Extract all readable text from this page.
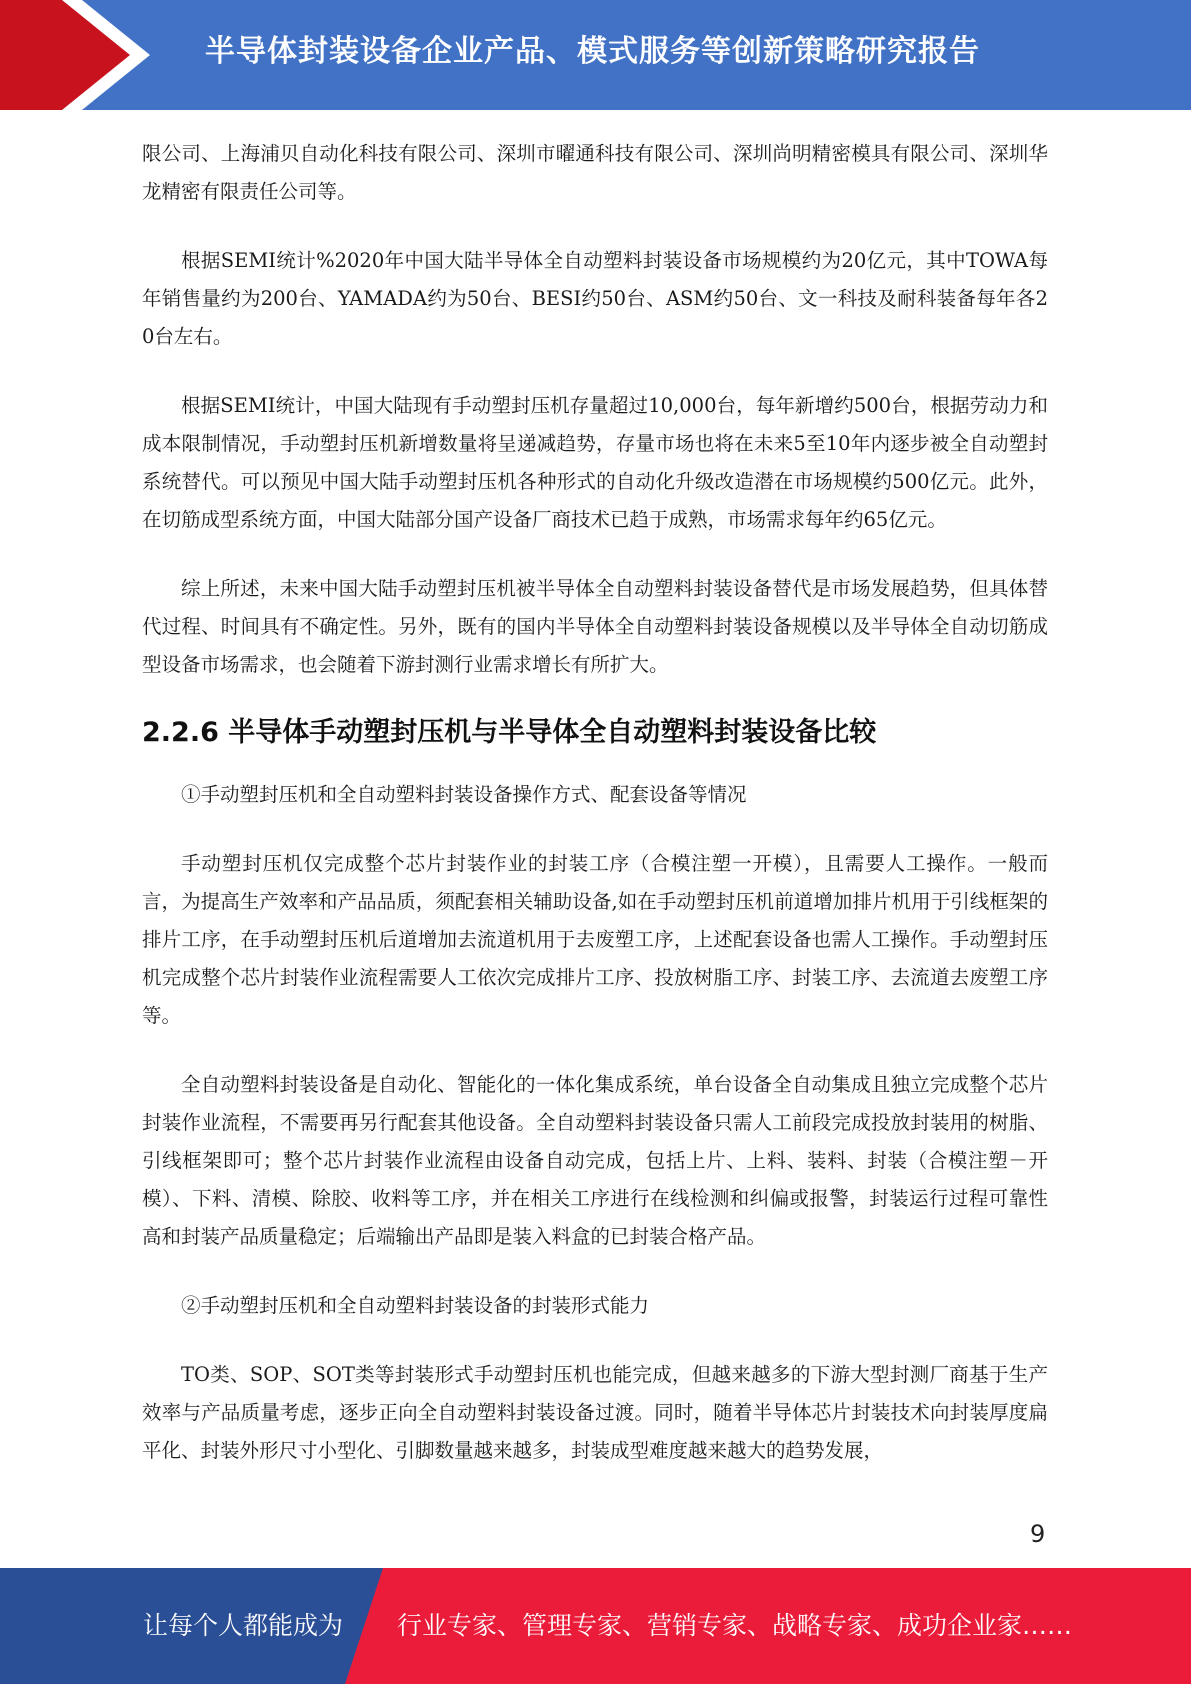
半导体封装设备企业产品、模式服务等创新策略研究报告

限公司、上海浦贝自动化科技有限公司、深圳市曜通科技有限公司、深圳尚明精密模具有限公司、深圳华龙精密有限责任公司等。

根据SEMI统计%2020年中国大陆半导体全自动塑料封装设备市场规模约为20亿元，其中TOWA每年销售量约为200台、YAMADA约为50台、BESI约50台、ASM约50台、文一科技及耐科装备每年各20台左右。

根据SEMI统计，中国大陆现有手动塑封压机存量超过10,000台，每年新增约500台，根据劳动力和成本限制情况，手动塑封压机新增数量将呈递减趋势，存量市场也将在未来5至10年内逐步被全自动塑封系统替代。可以预见中国大陆手动塑封压机各种形式的自动化升级改造潜在市场规模约500亿元。此外，在切筋成型系统方面，中国大陆部分国产设备厂商技术已趋于成熟，市场需求每年约65亿元。

综上所述，未来中国大陆手动塑封压机被半导体全自动塑料封装设备替代是市场发展趋势，但具体替代过程、时间具有不确定性。另外，既有的国内半导体全自动塑料封装设备规模以及半导体全自动切筋成型设备市场需求，也会随着下游封测行业需求增长有所扩大。

2.2.6 半导体手动塑封压机与半导体全自动塑料封装设备比较

①手动塑封压机和全自动塑料封装设备操作方式、配套设备等情况

手动塑封压机仅完成整个芯片封装作业的封装工序（合模注塑一开模），且需要人工操作。一般而言，为提高生产效率和产品品质，须配套相关辅助设备,如在手动塑封压机前道增加排片机用于引线框架的排片工序，在手动塑封压机后道增加去流道机用于去废塑工序，上述配套设备也需人工操作。手动塑封压机完成整个芯片封装作业流程需要人工依次完成排片工序、投放树脂工序、封装工序、去流道去废塑工序等。

全自动塑料封装设备是自动化、智能化的一体化集成系统，单台设备全自动集成且独立完成整个芯片封装作业流程，不需要再另行配套其他设备。全自动塑料封装设备只需人工前段完成投放封装用的树脂、引线框架即可；整个芯片封装作业流程由设备自动完成，包括上片、上料、装料、封装（合模注塑－开模）、下料、清模、除胶、收料等工序，并在相关工序进行在线检测和纠偏或报警，封装运行过程可靠性高和封装产品质量稳定；后端输出产品即是装入料盒的已封装合格产品。

②手动塑封压机和全自动塑料封装设备的封装形式能力

TO类、SOP、SOT类等封装形式手动塑封压机也能完成，但越来越多的下游大型封测厂商基于生产效率与产品质量考虑，逐步正向全自动塑料封装设备过渡。同时，随着半导体芯片封装技术向封装厚度扁平化、封装外形尺寸小型化、引脚数量越来越多，封装成型难度越来越大的趋势发展，

9
让每个人都能成为 行业专家、管理专家、营销专家、战略专家、成功企业家……
